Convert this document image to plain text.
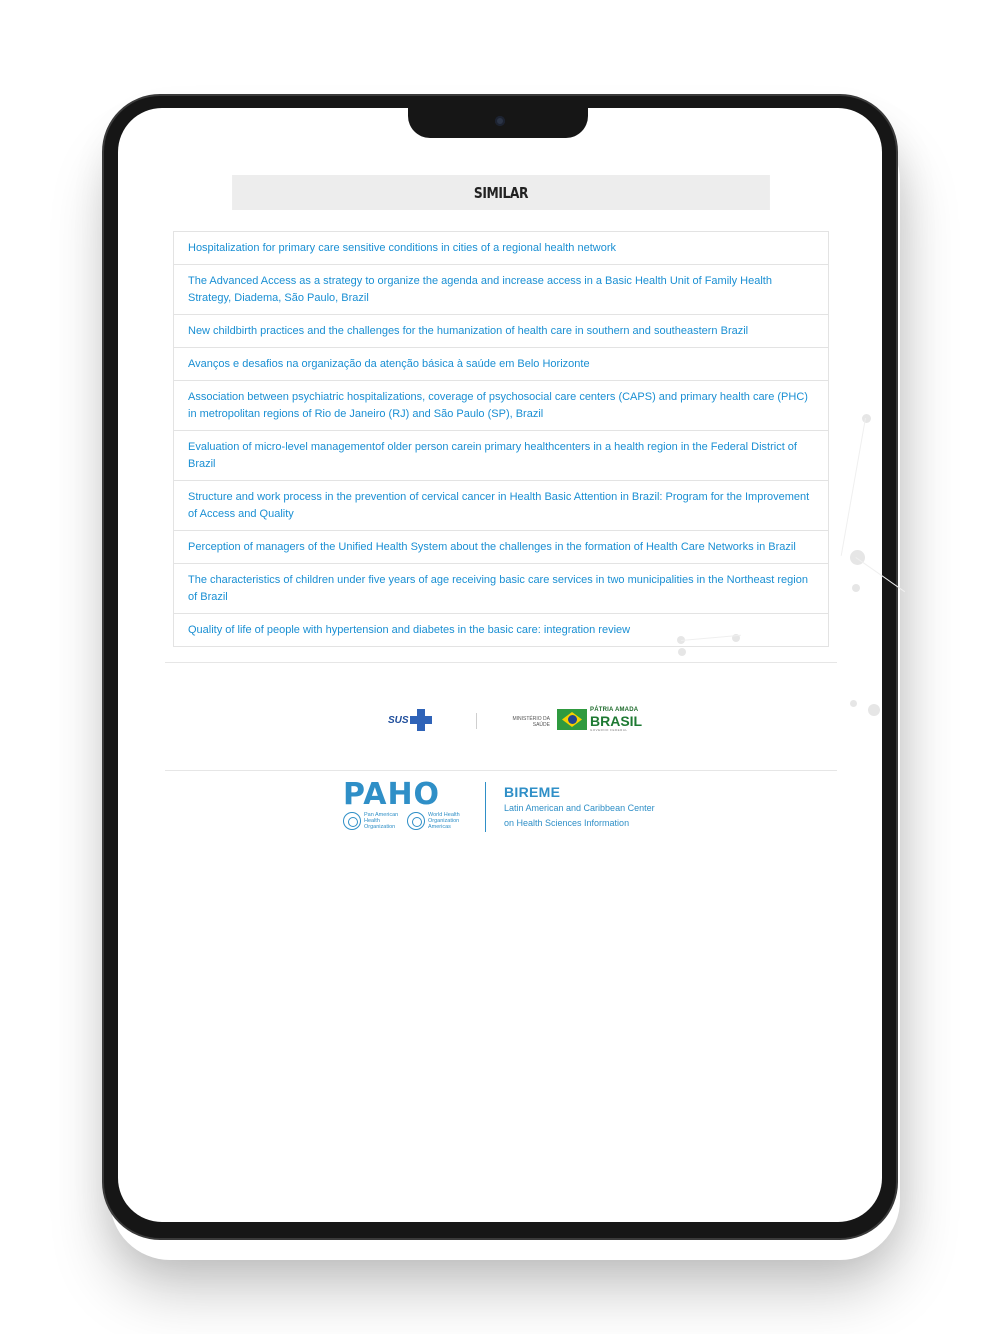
SIMILAR
Hospitalization for primary care sensitive conditions in cities of a regional health network
The Advanced Access as a strategy to organize the agenda and increase access in a Basic Health Unit of Family Health Strategy, Diadema, São Paulo, Brazil
New childbirth practices and the challenges for the humanization of health care in southern and southeastern Brazil
Avanços e desafios na organização da atenção básica à saúde em Belo Horizonte
Association between psychiatric hospitalizations, coverage of psychosocial care centers (CAPS) and primary health care (PHC) in metropolitan regions of Rio de Janeiro (RJ) and São Paulo (SP), Brazil
Evaluation of micro-level managementof older person carein primary healthcenters in a health region in the Federal District of Brazil
Structure and work process in the prevention of cervical cancer in Health Basic Attention in Brazil: Program for the Improvement of Access and Quality
Perception of managers of the Unified Health System about the challenges in the formation of Health Care Networks in Brazil
The characteristics of children under five years of age receiving basic care services in two municipalities in the Northeast region of Brazil
Quality of life of people with hypertension and diabetes in the basic care: integration review
SUS	MINISTÉRIO DA SAÚDE
PÁTRIA AMADA
BRASIL
GOVERNO FEDERAL
PAHO
Pan American Health Organization
World Health Organization Americas
BIREME
Latin American and Caribbean Center
on Health Sciences Information
